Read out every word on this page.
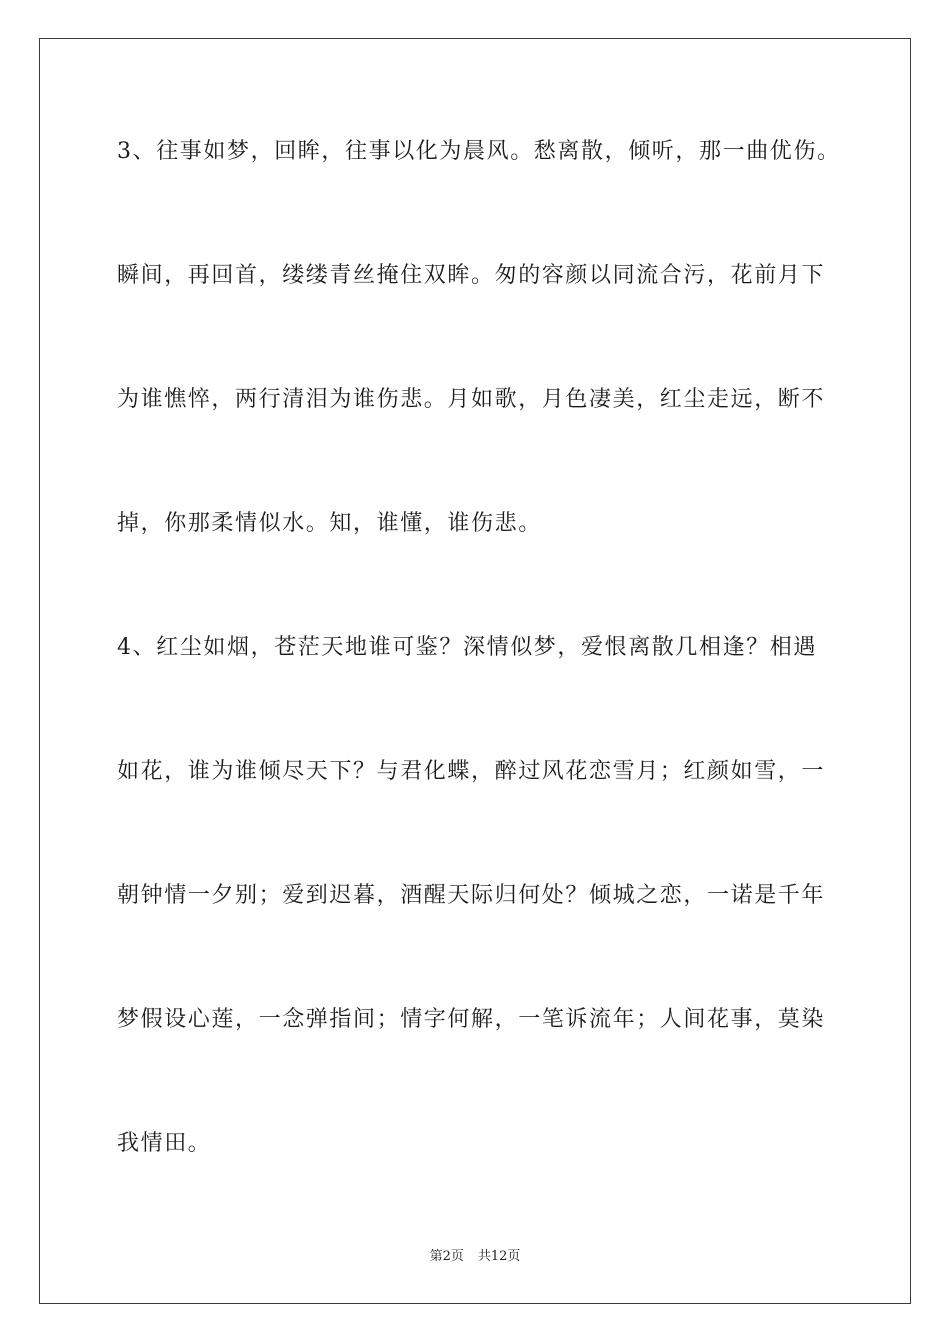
3、往事如梦，回眸，往事以化为晨风。愁离散，倾听，那一曲优伤。

瞬间，再回首，缕缕青丝掩住双眸。匆的容颜以同流合污，花前月下

为谁憔悴，两行清泪为谁伤悲。月如歌，月色凄美，红尘走远，断不

掉，你那柔情似水。知，谁懂，谁伤悲。

4、红尘如烟，苍茫天地谁可鉴？深情似梦，爱恨离散几相逢？相遇

如花，谁为谁倾尽天下？与君化蝶，醉过风花恋雪月；红颜如雪，一

朝钟情一夕别；爱到迟暮，酒醒天际归何处？倾城之恋，一诺是千年

梦假设心莲，一念弹指间；情字何解，一笔诉流年；人间花事，莫染

我情田。

第2页 共12页
